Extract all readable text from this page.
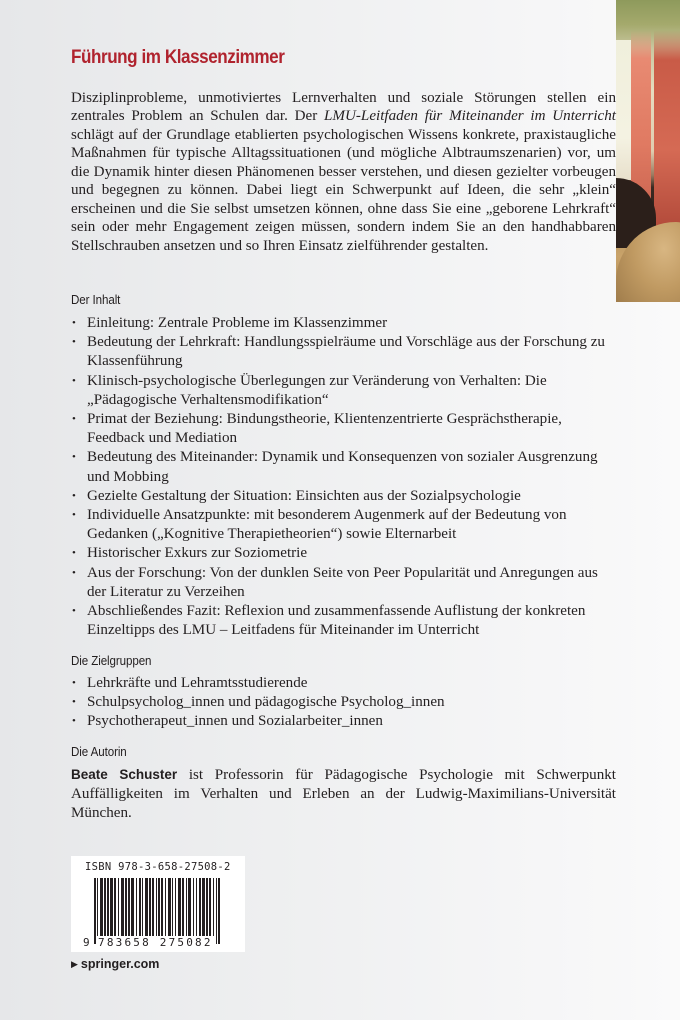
Führung im Klassenzimmer

Disziplinprobleme, unmotiviertes Lernverhalten und soziale Störungen stellen ein zentrales Problem an Schulen dar. Der LMU-Leitfaden für Miteinander im Unterricht schlägt auf der Grundlage etablierten psychologischen Wissens konkrete, praxistaugliche Maßnahmen für typische Alltagssituationen (und mögliche Albtraumszenarien) vor, um die Dynamik hinter diesen Phänomenen besser verstehen, und diesen gezielter vorbeugen und begegnen zu können. Dabei liegt ein Schwerpunkt auf Ideen, die sehr „klein“ erscheinen und die Sie selbst umsetzen können, ohne dass Sie eine „geborene Lehrkraft“ sein oder mehr Engagement zeigen müssen, sondern indem Sie an den handhabbaren Stellschrauben ansetzen und so Ihren Einsatz zielführender gestalten.

Der Inhalt
• Einleitung: Zentrale Probleme im Klassenzimmer
• Bedeutung der Lehrkraft: Handlungsspielräume und Vorschläge aus der Forschung zu Klassenführung
• Klinisch-psychologische Überlegungen zur Veränderung von Verhalten: Die „Pädagogische Verhaltensmodifikation“
• Primat der Beziehung: Bindungstheorie, Klientenzentrierte Gesprächstherapie, Feedback und Mediation
• Bedeutung des Miteinander: Dynamik und Konsequenzen von sozialer Ausgrenzung und Mobbing
• Gezielte Gestaltung der Situation: Einsichten aus der Sozialpsychologie
• Individuelle Ansatzpunkte: mit besonderem Augenmerk auf der Bedeutung von Gedanken („Kognitive Therapietheorien“) sowie Elternarbeit
• Historischer Exkurs zur Soziometrie
• Aus der Forschung: Von der dunklen Seite von Peer Popularität und Anregungen aus der Literatur zu Verzeihen
• Abschließendes Fazit: Reflexion und zusammenfassende Auflistung der konkreten Einzeltipps des LMU – Leitfadens für Miteinander im Unterricht
Die Zielgruppen
• Lehrkräfte und Lehramtsstudierende
• Schulpsycholog_innen und pädagogische Psycholog_innen
• Psychotherapeut_innen und Sozialarbeiter_innen
Die Autorin

Beate Schuster ist Professorin für Pädagogische Psychologie mit Schwerpunkt Auffälligkeiten im Verhalten und Erleben an der Ludwig-Maximilians-Universität München.

ISBN 978-3-658-27508-2
9 783658 275082
▶ springer.com
